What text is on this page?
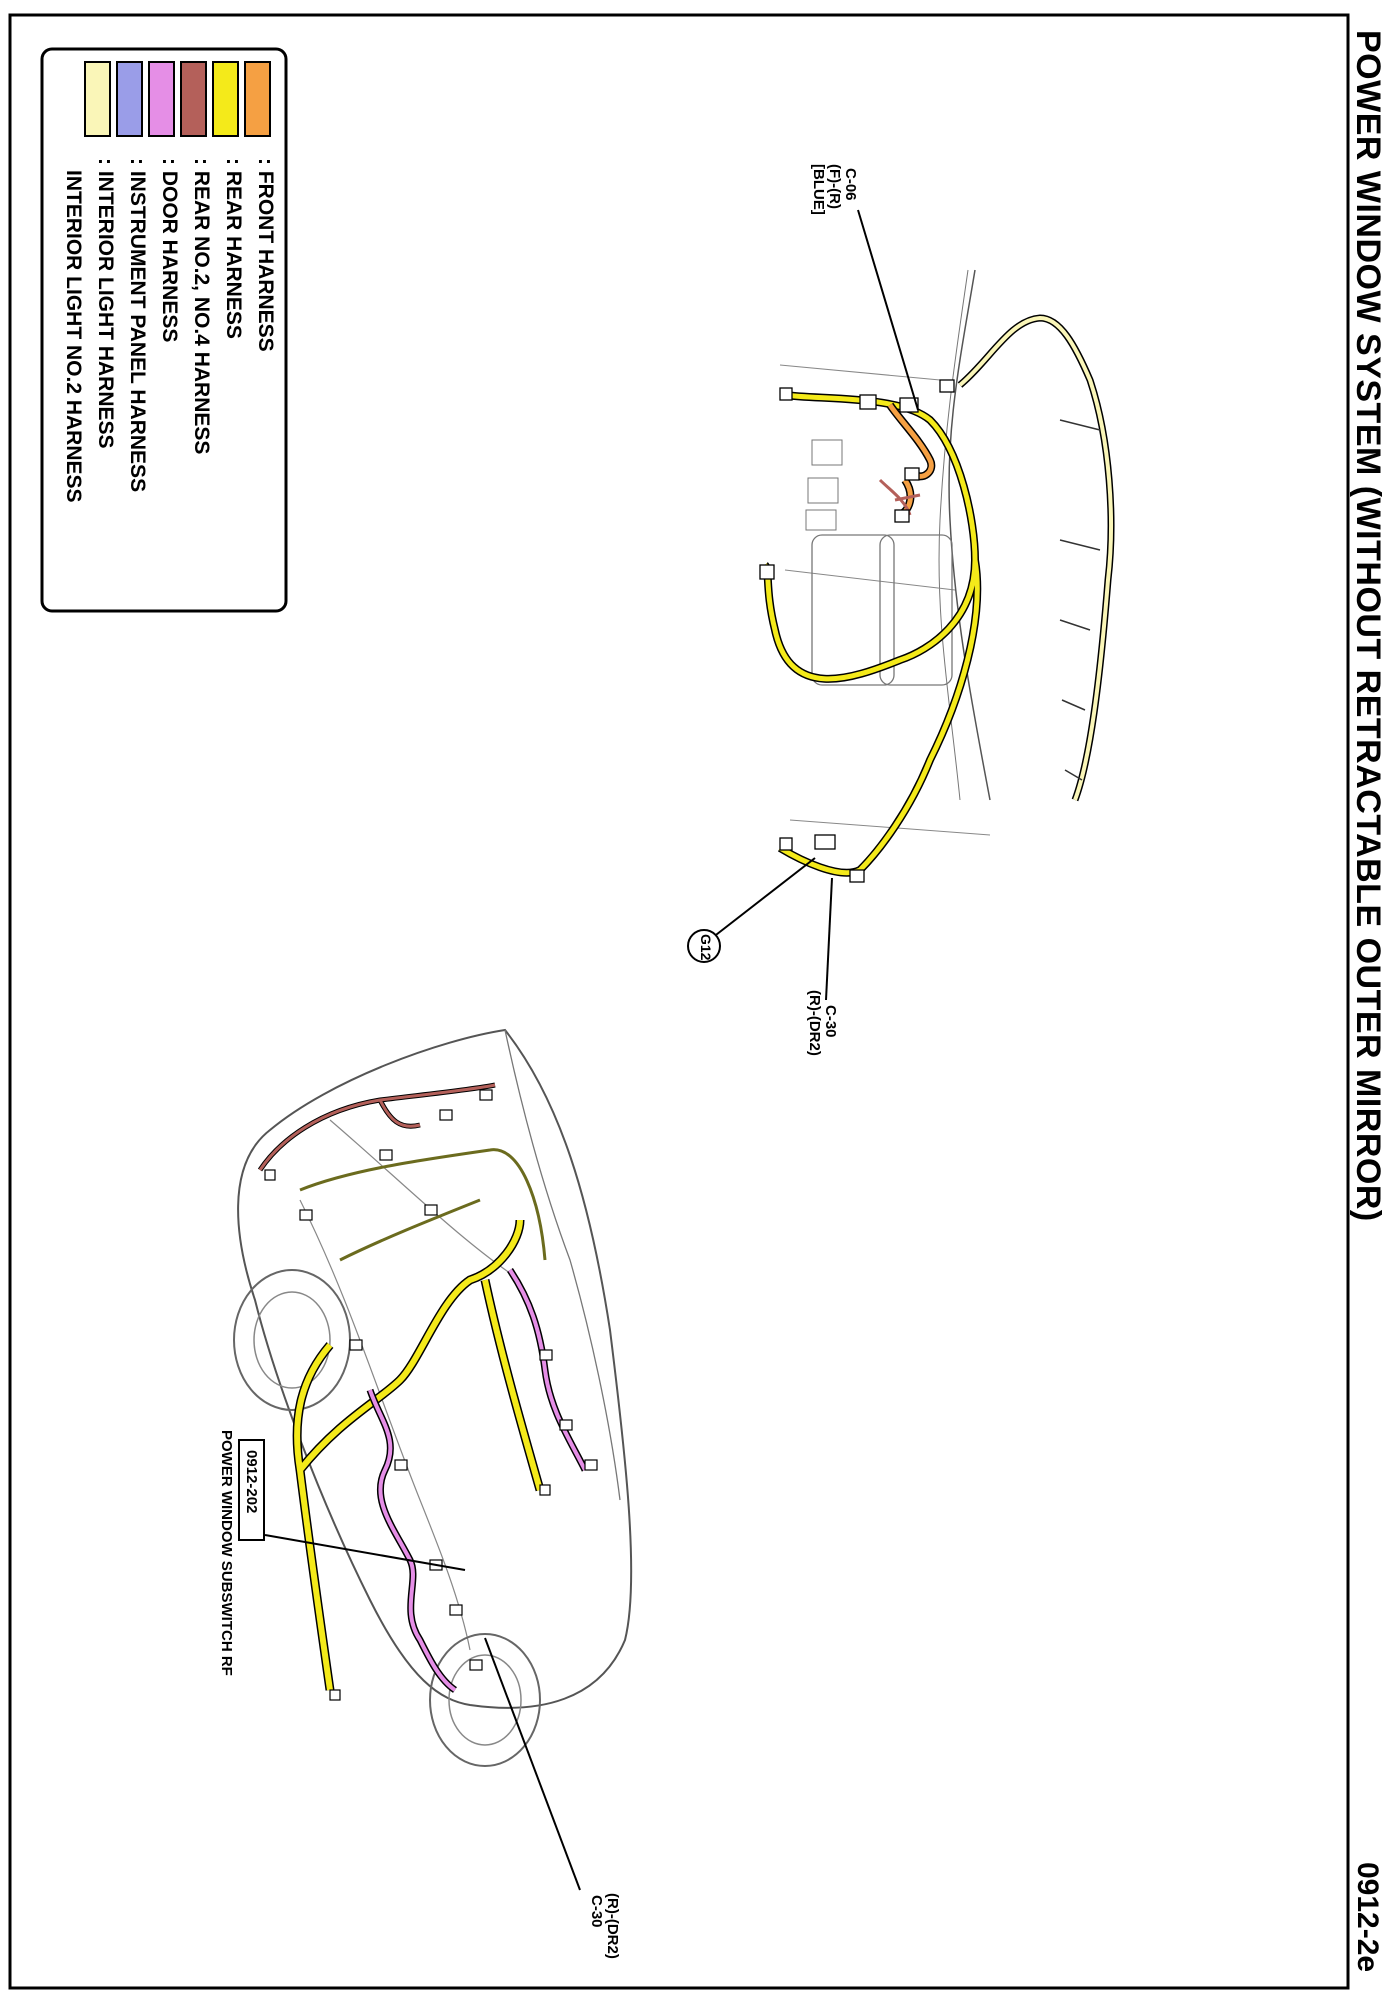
POWER WINDOW SYSTEM (WITHOUT RETRACTABLE OUTER MIRROR)
0912-2e
: FRONT HARNESS
: REAR HARNESS
: REAR NO.2, NO.4 HARNESS
: DOOR HARNESS
: INSTRUMENT PANEL HARNESS
: INTERIOR LIGHT HARNESS
INTERIOR LIGHT NO.2 HARNESS	C-06
(F)-(R)
[BLUE]
C-30
(R)-(DR2)
G12
0912-202
POWER WINDOW SUBSWITCH RF
(R)-(DR2)
C-30
